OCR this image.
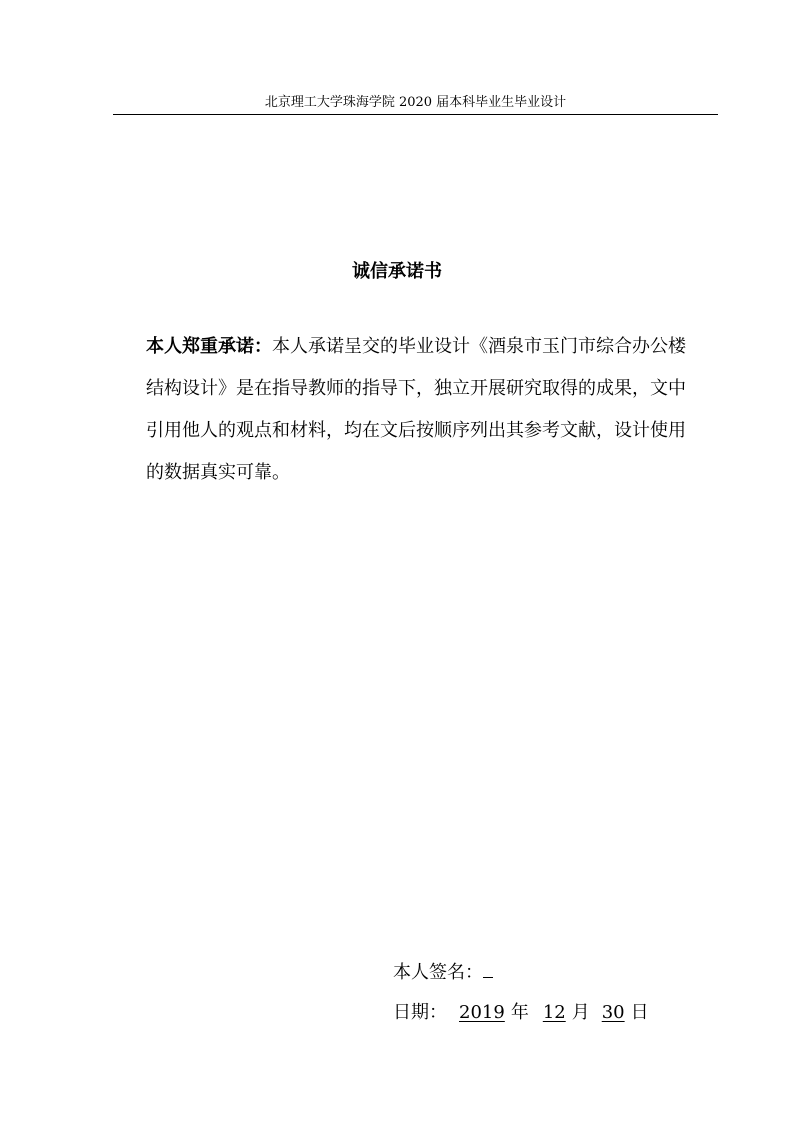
北京理工大学珠海学院 2020 届本科毕业生毕业设计
诚信承诺书

本人郑重承诺：本人承诺呈交的毕业设计《酒泉市玉门市综合办公楼结构设计》是在指导教师的指导下，独立开展研究取得的成果，文中引用他人的观点和材料，均在文后按顺序列出其参考文献，设计使用的数据真实可靠。

本人签名：
日期： 2019 年 12 月 30 日
